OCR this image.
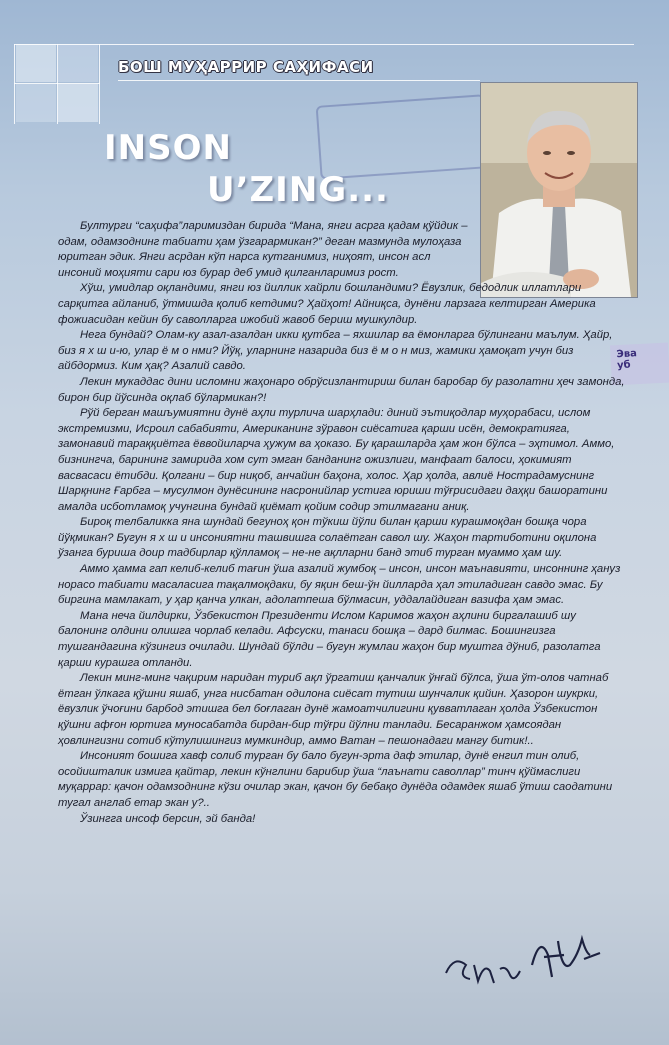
БОШ МУҲАРРИР САҲИФАСИ
INSON
U’ZING...
Эва
уб

Бултурги “саҳифа”ларимиздан бирида “Мана, янги асрга қадам қўйдик – одам, одамзоднинг табиати ҳам ўзгарармикан?” деган мазмунда мулоҳаза юритган эдик. Янги асрдан кўп нарса кутганимиз, ниҳоят, инсон асл инсоний моҳияти сари юз бурар деб умид қилганларимиз рост.

Хўш, умидлар оқландими, янги юз йиллик хайрли бошландими? Ёвузлик, бедодлик иллатлари сарқитга айланиб, ўтмишда қолиб кетдими? Ҳайҳот! Айниқса, дунёни ларзага келтирган Америка фожиасидан кейин бу саволларга ижобий жавоб бериш мушкулдир.

Нега бундай? Олам-ку азал-азалдан икки қутбга – яхшилар ва ёмонларга бўлингани маълум. Ҳайр, биз я х ш и-ю, улар ё м о нми? Йўқ, уларнинг назарида биз ё м о н миз, жамики ҳамоқат учун биз айбдормиз. Ким ҳақ? Азалий савдо.

Лекин мукаддас дини исломни жаҳонаро обрўсизлантириш билан баробар бу разолатни ҳеч замонда, бирон бир йўсинда оқлаб бўлармикан?!

Рўй берган машъумиятни дунё аҳли турлича шарҳлади: диний эътиқодлар муҳорабаси, ислом экстремизми, Исроил сабабияти, Американинг зўравон сиёсатига қарши исён, демократияга, замонавий тараққиётга ёввойиларча ҳужум ва ҳоказо. Бу қарашларда ҳам жон бўлса – эҳтимол. Аммо, бизнингча, барининг замирида хом сут эмган банданинг ожизлиги, манфаат балоси, ҳокимият васвасаси ётибди. Қолгани – бир ниқоб, анчайин баҳона, холос. Ҳар ҳолда, авлиё Нострадамуснинг Шарқнинг Ғарбга – мусулмон дунёсининг насронийлар устига юриши тўғрисидаги даҳқи башоратини амалда исботламоқ учунгина бундай қиёмат қойим содир этилмагани аниқ.

Бироқ телбаликка яна шундай бегуноҳ қон тўкиш йўли билан қарши курашмоқдан бошқа чора йўқмикан? Бугун я х ш и инсониятни ташвишга солаётган савол шу. Жаҳон тартиботини оқилона ўзанга буриша доир тадбирлар қўлламоқ – не-не ақлларни банд этиб турган муаммо ҳам шу.

Аммо ҳамма гап келиб-келиб тағин ўша азалий жумбоқ – инсон, инсон маънавияти, инсоннинг ҳануз норасо табиати масаласига тақалмоқдаки, бу яқин беш-ўн йилларда ҳал этиладиган савдо эмас. Бу биргина мамлакат, у ҳар қанча улкан, адолатпеша бўлмасин, уддалайдиган вазифа ҳам эмас.

Мана неча йилдирки, Ўзбекистон Президенти Ислом Каримов жаҳон аҳлини биргалашиб шу балонинг олдини олишга чорлаб келади. Афсуски, танаси бошқа – дард билмас. Бошингизга тушгандагина кўзингиз очилади. Шундай бўлди – бугун жумлаи жаҳон бир муштга дўниб, разолатга қарши курашга отланди.

Лекин минг-минг чақирим наридан туриб ақл ўргатиш қанчалик ўнғай бўлса, ўша ўт-олов чатнаб ётган ўлкага қўшни яшаб, унга нисбатан одилона сиёсат тутиш шунчалик қийин. Ҳазорон шукрки, ёвузлик ўчоғини барбод этишга бел боғлаган дунё жамоатчилигини қувватлаган ҳолда Ўзбекистон қўшни афғон юртига муносабатда бирдан-бир тўғри йўлни танлади. Бесаранжом ҳамсоядан ҳовлингизни сотиб кўтулишингиз мумкиндир, аммо Ватан – пешонадаги мангу битик!..

Инсоният бошига хавф солиб турган бу бало бугун-эрта даф этилар, дунё енгил тин олиб, осойишталик измига қайтар, лекин кўнглини барибир ўша “лаънати саволлар” тинч қўймаслиги муқаррар: қачон одамзоднинг кўзи очилар экан, қачон бу бебақо дунёда одамдек яшаб ўтиш саодатини тугал англаб етар экан у?..

Ўзингга инсоф берсин, эй банда!
